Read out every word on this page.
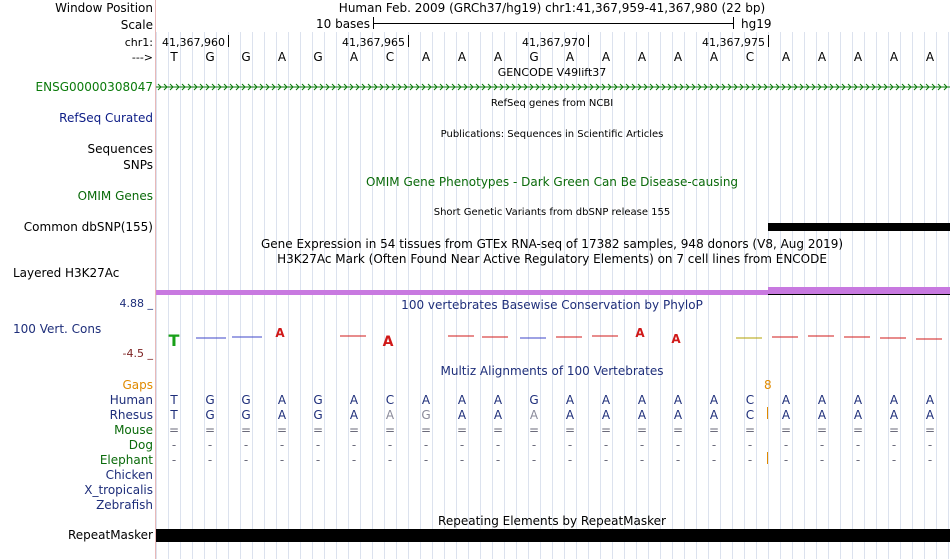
Window Position
Scale
chr1:
--->
Human Feb. 2009 (GRCh37/hg19) chr1:41,367,959-41,367,980 (22 bp)
10 bases	hg19
41,367,960	41,367,965	41,367,970	41,367,975
T	G	G	A	G	A	C	A	A	A	G	A	A	A	A	A	C	A	A	A	A	A
GENCODE V49lift37
ENSG00000308047
RefSeq genes from NCBI
RefSeq Curated
Publications: Sequences in Scientific Articles
Sequences
SNPs
OMIM Gene Phenotypes - Dark Green Can Be Disease-causing
OMIM Genes
Short Genetic Variants from dbSNP release 155
Common dbSNP(155)
Gene Expression in 54 tissues from GTEx RNA-seq of 17382 samples, 948 donors (V8, Aug 2019)
H3K27Ac Mark (Often Found Near Active Regulatory Elements) on 7 cell lines from ENCODE
Layered H3K27Ac
100 vertebrates Basewise Conservation by PhyloP
4.88 _
100 Vert. Cons
-4.5 _
T	A
A
A A
Multiz Alignments of 100 Vertebrates
Gaps	8
Human	T	G	G	A	G	A	C	A	A	A	G	A	A	A	A	A	C	A	A	A	A	A
Rhesus	T	G	G	A	G	A	A	G	A	A	A	A	A	A	A	A	C	A	A	A	A	A
Mouse	=	=	=	=	=	=	=	=	=	=	=	=	=	=	=	=	=	=	=	=	=	=
Dog	-	-	-	-	-	-	-	-	-	-	-	-	-	-	-	-	-	-	-	-	-	-
Elephant	-	-	-	-	-	-	-	-	-	-	-	-	-	-	-	-	-	-	-	-	-	-
Chicken
X_tropicalis
Zebrafish
Repeating Elements by RepeatMasker
RepeatMasker
